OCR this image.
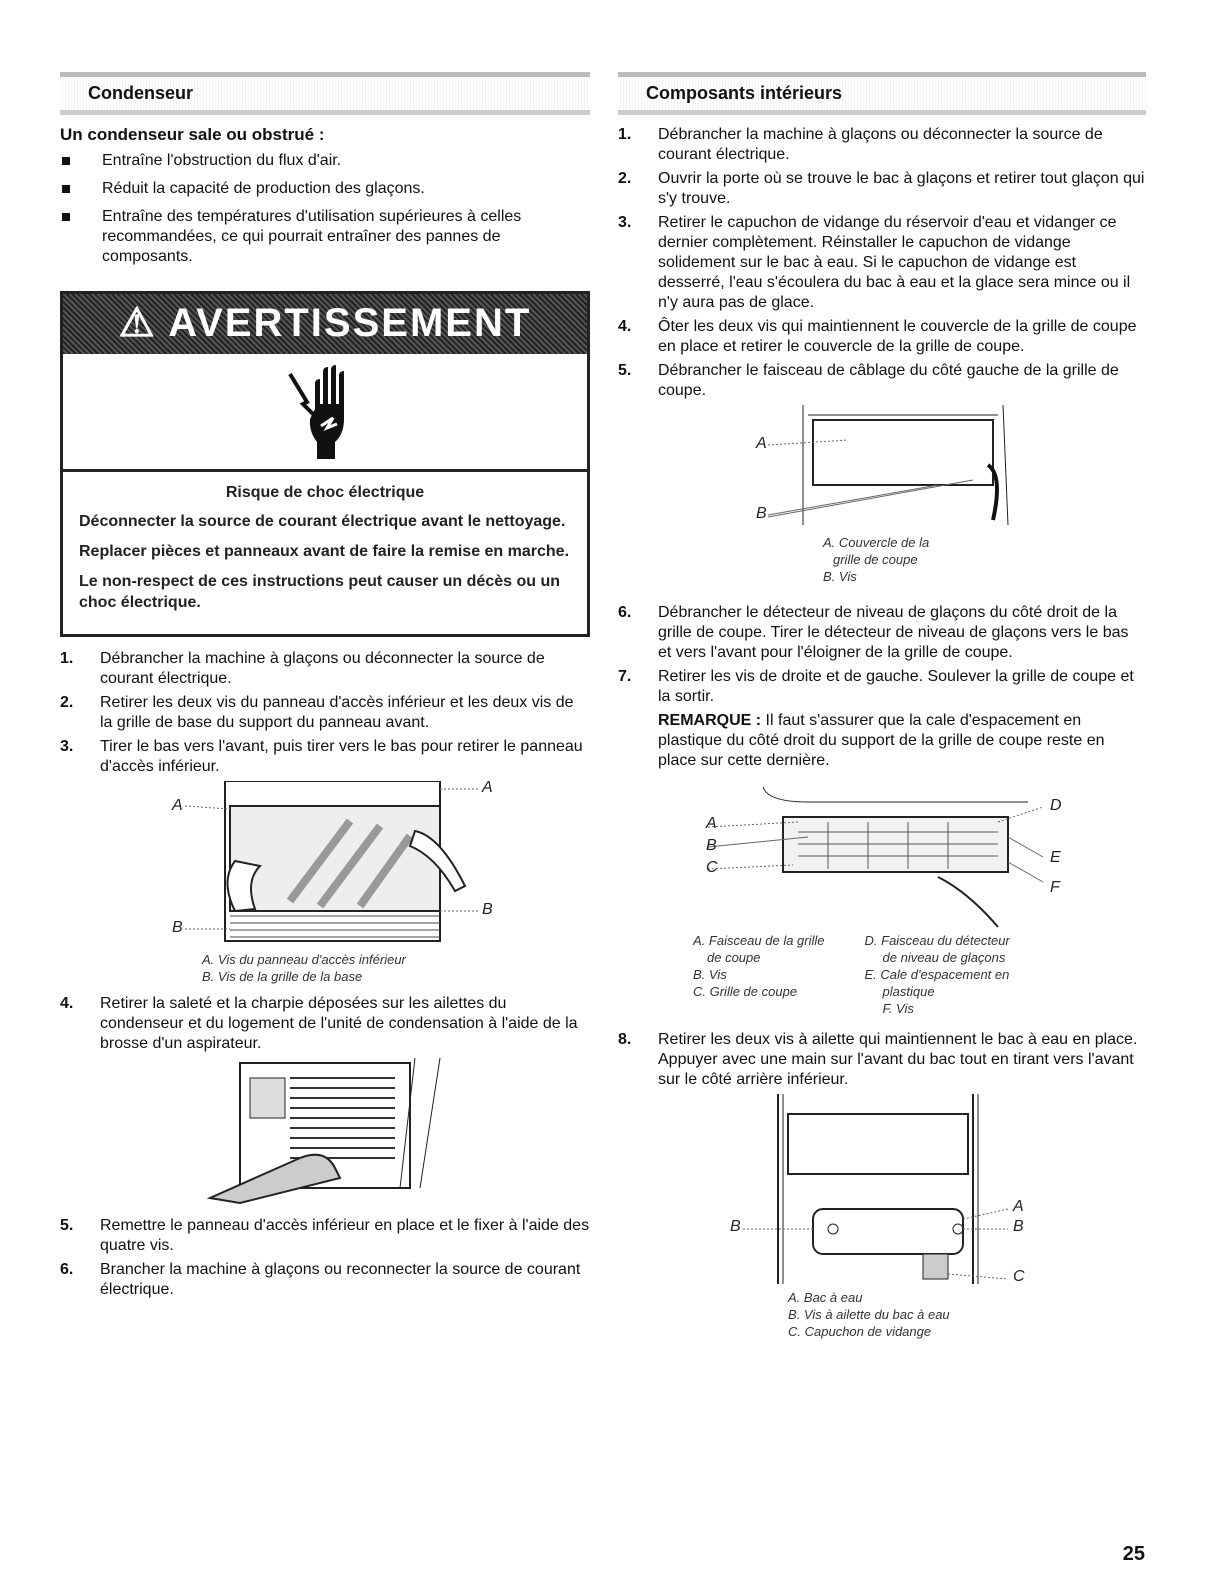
Condenseur
Un condenseur sale ou obstrué :
Entraîne l'obstruction du flux d'air.
Réduit la capacité de production des glaçons.
Entraîne des températures d'utilisation supérieures à celles recommandées, ce qui pourrait entraîner des pannes de composants.
⚠ AVERTISSEMENT
Risque de choc électrique

Déconnecter la source de courant électrique avant le nettoyage.

Replacer pièces et panneaux avant de faire la remise en marche.

Le non-respect de ces instructions peut causer un décès ou un choc électrique.

1. Débrancher la machine à glaçons ou déconnecter la source de courant électrique.
2. Retirer les deux vis du panneau d'accès inférieur et les deux vis de la grille de base du support du panneau avant.
3. Tirer le bas vers l'avant, puis tirer vers le bas pour retirer le panneau d'accès inférieur.
A
A
B
B
A. Vis du panneau d'accès inférieur
B. Vis de la grille de la base
4. Retirer la saleté et la charpie déposées sur les ailettes du condenseur et du logement de l'unité de condensation à l'aide de la brosse d'un aspirateur.
5. Remettre le panneau d'accès inférieur en place et le fixer à l'aide des quatre vis.
6. Brancher la machine à glaçons ou reconnecter la source de courant électrique.
Composants intérieurs
1. Débrancher la machine à glaçons ou déconnecter la source de courant électrique.
2. Ouvrir la porte où se trouve le bac à glaçons et retirer tout glaçon qui s'y trouve.
3. Retirer le capuchon de vidange du réservoir d'eau et vidanger ce dernier complètement. Réinstaller le capuchon de vidange solidement sur le bac à eau. Si le capuchon de vidange est desserré, l'eau s'écoulera du bac à eau et la glace sera mince ou il n'y aura pas de glace.
4. Ôter les deux vis qui maintiennent le couvercle de la grille de coupe en place et retirer le couvercle de la grille de coupe.
5. Débrancher le faisceau de câblage du côté gauche de la grille de coupe.
A
B
A. Couvercle de la
grille de coupe
B. Vis
6. Débrancher le détecteur de niveau de glaçons du côté droit de la grille de coupe. Tirer le détecteur de niveau de glaçons vers le bas et vers l'avant pour l'éloigner de la grille de coupe.
7. Retirer les vis de droite et de gauche. Soulever la grille de coupe et la sortir.
REMARQUE : Il faut s'assurer que la cale d'espacement en plastique du côté droit du support de la grille de coupe reste en place sur cette dernière.
A
B
C
D
E
F
A. Faisceau de la grille
de coupe
B. Vis
C. Grille de coupe
D. Faisceau du détecteur
de niveau de glaçons
E. Cale d'espacement en
plastique
F. Vis
8. Retirer les deux vis à ailette qui maintiennent le bac à eau en place. Appuyer avec une main sur l'avant du bac tout en tirant vers l'avant sur le côté arrière inférieur.
B
A
B
C
A. Bac à eau
B. Vis à ailette du bac à eau
C. Capuchon de vidange
25
